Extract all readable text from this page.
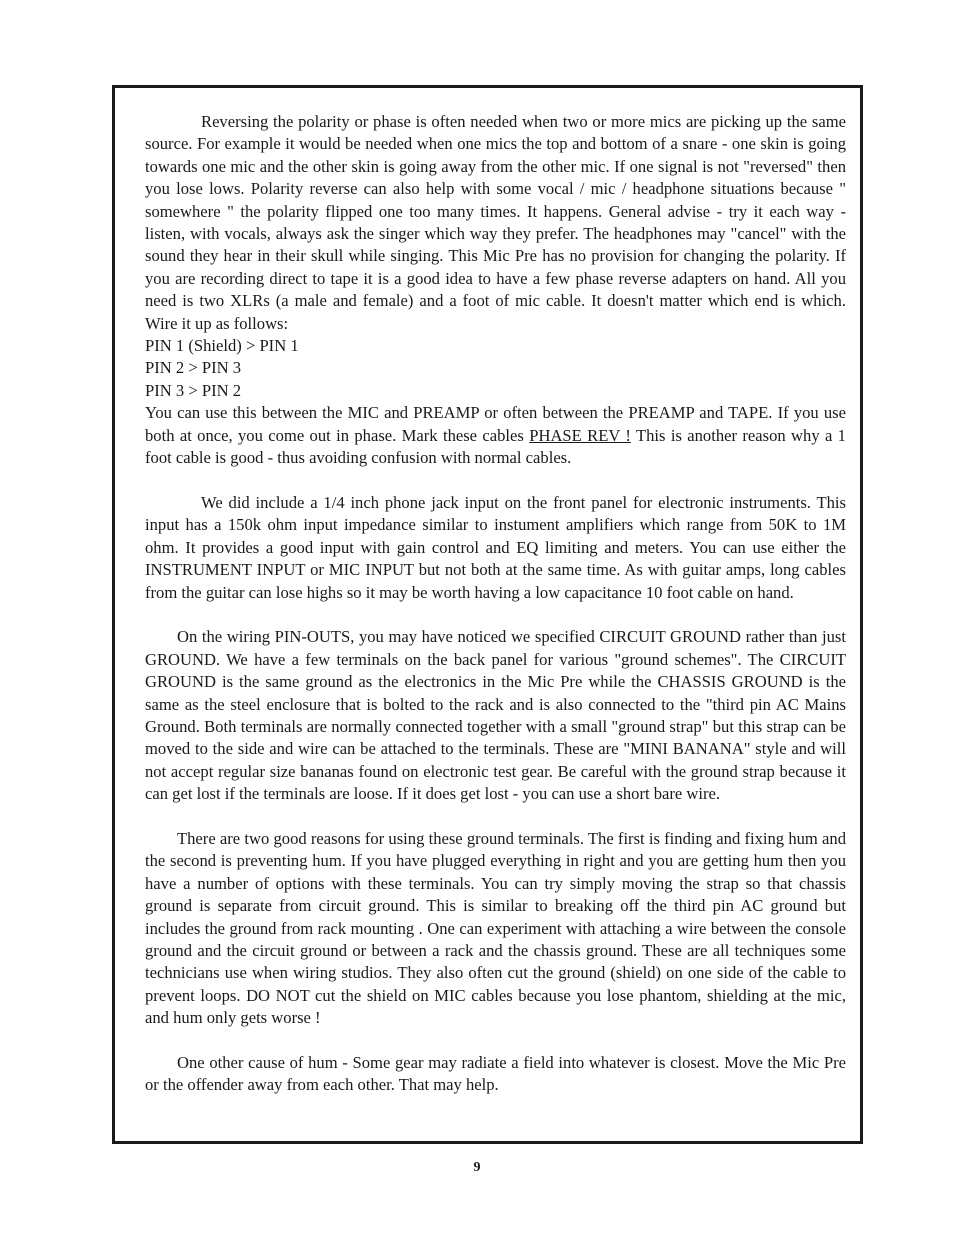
Reversing the polarity or phase is often needed when two or more mics are picking up the same source. For example it would be needed when one mics the top and bottom of a snare - one skin is going towards one mic and the other skin is going away from the other mic. If one signal is not "reversed" then you lose lows. Polarity reverse can also help with some vocal / mic / headphone situations because " somewhere " the polarity flipped one too many times. It happens. General advise - try it each way - listen, with vocals, always ask the singer which way they prefer. The headphones may "cancel" with the sound they hear in their skull while singing. This Mic Pre has no provision for changing the polarity. If you are recording direct to tape it is a good idea to have a few phase reverse adapters on hand. All you need is two XLRs (a male and female) and a foot of mic cable. It doesn't matter which end is which. Wire it up as follows:

PIN 1 (Shield) > PIN 1

PIN 2 > PIN 3

PIN 3 > PIN 2

You can use this between the MIC and PREAMP or often between the PREAMP and TAPE. If you use both at once, you come out in phase. Mark these cables PHASE REV ! This is another reason why a 1 foot cable is good - thus avoiding confusion with normal cables.

We did include a 1/4 inch phone jack input on the front panel for electronic instruments. This input has a 150k ohm input impedance similar to instument amplifiers which range from 50K to 1M ohm. It provides a good input with gain control and EQ limiting and meters. You can use either the INSTRUMENT INPUT or MIC INPUT but not both at the same time. As with guitar amps, long cables from the guitar can lose highs so it may be worth having a low capacitance 10 foot cable on hand.

On the wiring PIN-OUTS, you may have noticed we specified CIRCUIT GROUND rather than just GROUND. We have a few terminals on the back panel for various "ground schemes". The CIRCUIT GROUND is the same ground as the electronics in the Mic Pre while the CHASSIS GROUND is the same as the steel enclosure that is bolted to the rack and is also connected to the "third pin AC Mains Ground. Both terminals are normally connected together with a small "ground strap" but this strap can be moved to the side and wire can be attached to the terminals. These are "MINI BANANA" style and will not accept regular size bananas found on electronic test gear. Be careful with the ground strap because it can get lost if the terminals are loose. If it does get lost - you can use a short bare wire.

There are two good reasons for using these ground terminals. The first is finding and fixing hum and the second is preventing hum. If you have plugged everything in right and you are getting hum then you have a number of options with these terminals. You can try simply moving the strap so that chassis ground is separate from circuit ground. This is similar to breaking off the third pin AC ground but includes the ground from rack mounting . One can experiment with attaching a wire between the console ground and the circuit ground or between a rack and the chassis ground. These are all techniques some technicians use when wiring studios. They also often cut the ground (shield) on one side of the cable to prevent loops. DO NOT cut the shield on MIC cables because you lose phantom, shielding at the mic, and hum only gets worse !

One other cause of hum - Some gear may radiate a field into whatever is closest. Move the Mic Pre or the offender away from each other. That may help.

9
